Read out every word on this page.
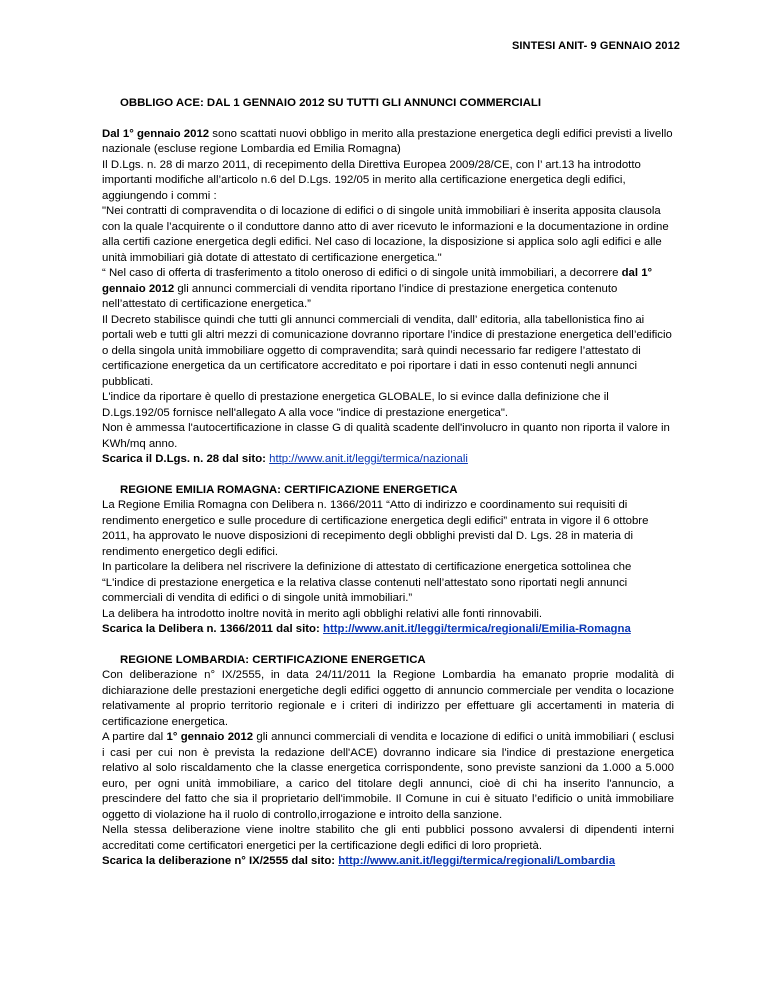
SINTESI ANIT- 9 GENNAIO 2012

OBBLIGO ACE: DAL 1 GENNAIO 2012 SU TUTTI GLI ANNUNCI COMMERCIALI

Dal 1° gennaio 2012 sono scattati nuovi obbligo in merito alla prestazione energetica degli edifici previsti a livello nazionale (escluse regione Lombardia ed Emilia Romagna)

Il D.Lgs. n. 28 di marzo 2011, di recepimento della Direttiva Europea 2009/28/CE, con l’ art.13 ha introdotto importanti modifiche all’articolo n.6 del D.Lgs. 192/05 in merito alla certificazione energetica degli edifici, aggiungendo i commi :

"Nei contratti di compravendita o di locazione di edifici o di singole unità immobiliari è inserita apposita clausola con la quale l’acquirente o il conduttore danno atto di aver ricevuto le informazioni e la documentazione in ordine alla certifi cazione energetica degli edifici. Nel caso di locazione, la disposizione si applica solo agli edifici e alle unità immobiliari già dotate di attestato di certificazione energetica."

“ Nel caso di offerta di trasferimento a titolo oneroso di edifici o di singole unità immobiliari, a decorrere dal 1° gennaio 2012 gli annunci commerciali di vendita riportano l’indice di prestazione energetica contenuto nell’attestato di certificazione energetica.”

Il Decreto stabilisce quindi che tutti gli annunci commerciali di vendita, dall’ editoria, alla tabellonistica fino ai portali web e tutti gli altri mezzi di comunicazione dovranno riportare l’indice di prestazione energetica dell’edificio o della singola unità immobiliare oggetto di compravendita; sarà quindi necessario far redigere l’attestato di certificazione energetica da un certificatore accreditato e poi riportare i dati in esso contenuti negli annunci pubblicati.

L'indice da riportare è quello di prestazione energetica GLOBALE, lo si evince dalla definizione che il D.Lgs.192/05 fornisce nell'allegato A alla voce "indice di prestazione energetica".

Non è ammessa l'autocertificazione in classe G di qualità scadente dell'involucro in quanto non riporta il valore in KWh/mq anno.

Scarica il D.Lgs. n. 28 dal sito: http://www.anit.it/leggi/termica/nazionali

REGIONE EMILIA ROMAGNA: CERTIFICAZIONE ENERGETICA

La Regione Emilia Romagna con Delibera n. 1366/2011 “Atto di indirizzo e coordinamento sui requisiti di rendimento energetico e sulle procedure di certificazione energetica degli edifici” entrata in vigore il 6 ottobre 2011, ha approvato le nuove disposizioni di recepimento degli obblighi previsti dal D. Lgs. 28 in materia di rendimento energetico degli edifici.

In particolare la delibera nel riscrivere la definizione di attestato di certificazione energetica sottolinea che “L'indice di prestazione energetica e la relativa classe contenuti nell’attestato sono riportati negli annunci commerciali di vendita di edifici o di singole unità immobiliari.”

La delibera ha introdotto inoltre novità in merito agli obblighi relativi alle fonti rinnovabili.

Scarica la Delibera n. 1366/2011 dal sito: http://www.anit.it/leggi/termica/regionali/Emilia-Romagna

REGIONE LOMBARDIA: CERTIFICAZIONE ENERGETICA

Con deliberazione n° IX/2555, in data 24/11/2011 la Regione Lombardia ha emanato proprie modalità di dichiarazione delle prestazioni energetiche degli edifici oggetto di annuncio commerciale per vendita o locazione relativamente al proprio territorio regionale e i criteri di indirizzo per effettuare gli accertamenti in materia di certificazione energetica.

A partire dal 1° gennaio 2012 gli annunci commerciali di vendita e locazione di edifici o unità immobiliari ( esclusi i casi per cui non è prevista la redazione dell'ACE) dovranno indicare sia l'indice di prestazione energetica relativo al solo riscaldamento che la classe energetica corrispondente, sono previste sanzioni da 1.000 a 5.000 euro, per ogni unità immobiliare, a carico del titolare degli annunci, cioè di chi ha inserito l'annuncio, a prescindere del fatto che sia il proprietario dell'immobile. Il Comune in cui è situato l’edificio o unità immobiliare oggetto di violazione ha il ruolo di controllo,irrogazione e introito della sanzione.

Nella stessa deliberazione viene inoltre stabilito che gli enti pubblici possono avvalersi di dipendenti interni accreditati come certificatori energetici per la certificazione degli edifici di loro proprietà.

Scarica la deliberazione n° IX/2555 dal sito: http://www.anit.it/leggi/termica/regionali/Lombardia
